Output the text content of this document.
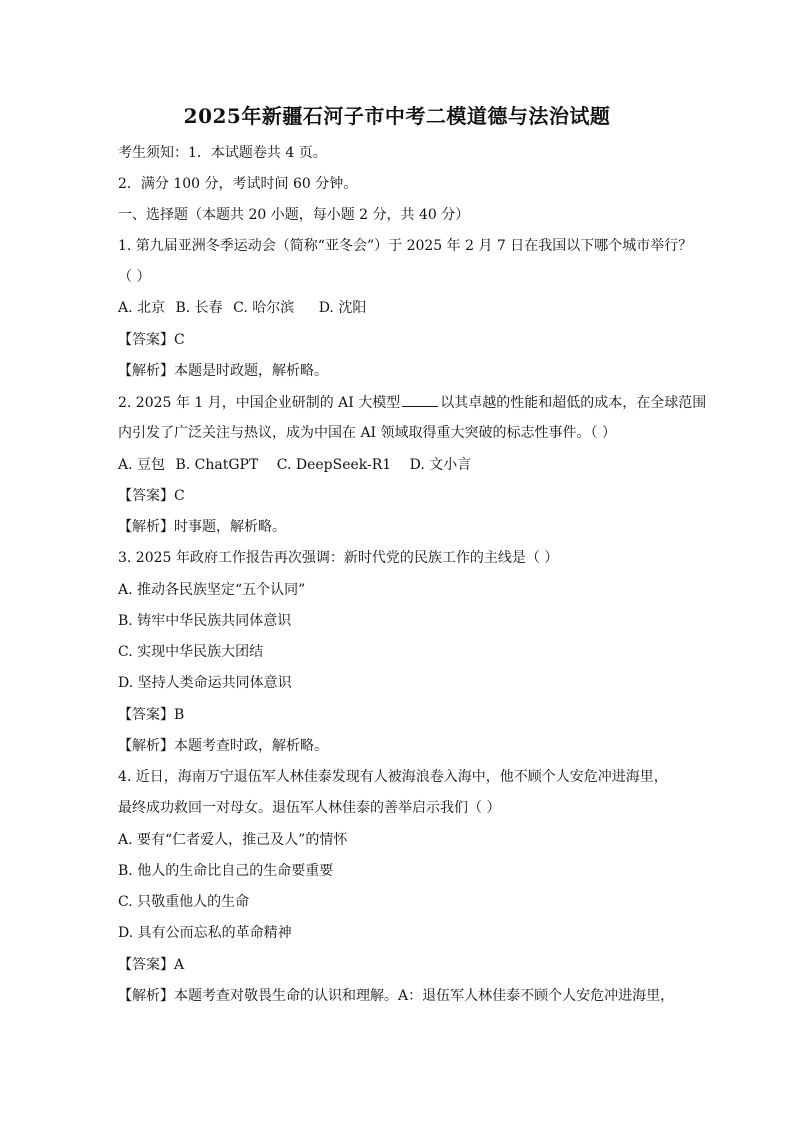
2025年新疆石河子市中考二模道德与法治试题
考生须知：1．本试题卷共 4 页。
2．满分 100 分，考试时间 60 分钟。
一、选择题（本题共 20 小题，每小题 2 分，共 40 分）
1. 第九届亚洲冬季运动会（简称“亚冬会”）于 2025 年 2 月 7 日在我国以下哪个城市举行？
（ ）
A. 北京 B. 长春 C. 哈尔滨 D. 沈阳
【答案】C
【解析】本题是时政题，解析略。
2. 2025 年 1 月，中国企业研制的 AI 大模型	以其卓越的性能和超低的成本，在全球范围
内引发了广泛关注与热议，成为中国在 AI 领域取得重大突破的标志性事件。（ ）
A. 豆包 B. ChatGPT C. DeepSeek-R1 D. 文小言
【答案】C
【解析】时事题，解析略。
3. 2025 年政府工作报告再次强调：新时代党的民族工作的主线是（ ）
A. 推动各民族坚定“五个认同”
B. 铸牢中华民族共同体意识
C. 实现中华民族大团结
D. 坚持人类命运共同体意识
【答案】B
【解析】本题考查时政，解析略。
4. 近日，海南万宁退伍军人林佳泰发现有人被海浪卷入海中，他不顾个人安危冲进海里，
最终成功救回一对母女。退伍军人林佳泰的善举启示我们（ ）
A. 要有“仁者爱人，推己及人”的情怀
B. 他人的生命比自己的生命要重要
C. 只敬重他人的生命
D. 具有公而忘私的革命精神
【答案】A
【解析】本题考查对敬畏生命的认识和理解。A：退伍军人林佳泰不顾个人安危冲进海里，
